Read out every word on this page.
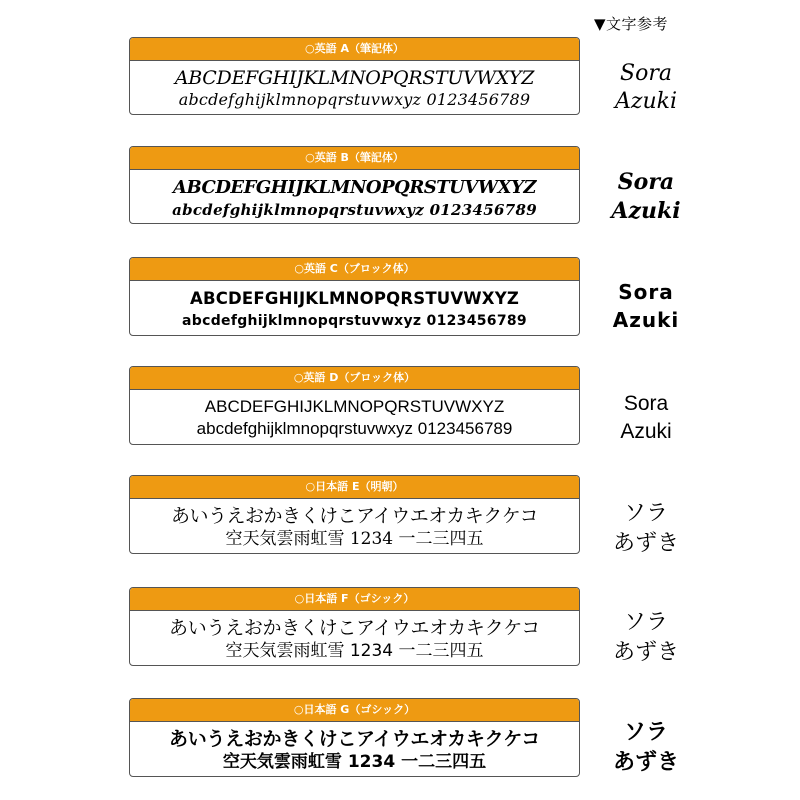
▼文字参考
○英語 A（筆記体）
ABCDEFGHIJKLMNOPQRSTUVWXYZ
abcdefghijklmnopqrstuvwxyz 0123456789
Sora
Azuki
○英語 B（筆記体）
ABCDEFGHIJKLMNOPQRSTUVWXYZ
abcdefghijklmnopqrstuvwxyz 0123456789
Sora
Azuki
○英語 C（ブロック体）
ABCDEFGHIJKLMNOPQRSTUVWXYZ
abcdefghijklmnopqrstuvwxyz 0123456789
Sora
Azuki
○英語 D（ブロック体）
ABCDEFGHIJKLMNOPQRSTUVWXYZ
abcdefghijklmnopqrstuvwxyz 0123456789
Sora
Azuki
○日本語 E（明朝）
あいうえおかきくけこアイウエオカキクケコ
空天気雲雨虹雪 1234 一二三四五
ソラ
あずき
○日本語 F（ゴシック）
あいうえおかきくけこアイウエオカキクケコ
空天気雲雨虹雪 1234 一二三四五
ソラ
あずき
○日本語 G（ゴシック）
あいうえおかきくけこアイウエオカキクケコ
空天気雲雨虹雪 1234 一二三四五
ソラ
あずき
